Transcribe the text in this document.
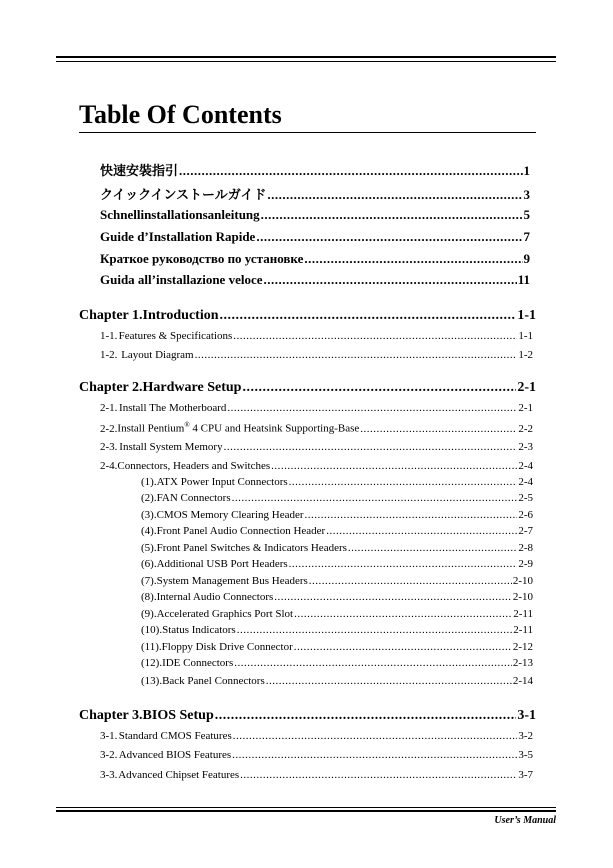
Table Of Contents
快速安裝指引 .....	1
クイックインストールガイド .....	3
Schnellinstallationsanleitung .....	5
Guide d’Installation Rapide .....	7
Краткое руководство по установке .....	9
Guida all’installazione veloce .....	11
Chapter 1. Introduction .....	1-1
1-1. Features & Specifications .....	1-1
1-2. Layout Diagram .....	1-2
Chapter 2. Hardware Setup .....	2-1
2-1. Install The Motherboard .....	2-1
2-2. Install Pentium® 4 CPU and Heatsink Supporting-Base .....	2-2
2-3. Install System Memory .....	2-3
2-4. Connectors, Headers and Switches .....	2-4
(1). ATX Power Input Connectors .....	2-4
(2). FAN Connectors .....	2-5
(3). CMOS Memory Clearing Header .....	2-6
(4). Front Panel Audio Connection Header .....	2-7
(5). Front Panel Switches & Indicators Headers .....	2-8
(6). Additional USB Port Headers .....	2-9
(7). System Management Bus Headers .....	2-10
(8). Internal Audio Connectors .....	2-10
(9). Accelerated Graphics Port Slot .....	2-11
(10). Status Indicators .....	2-11
(11). Floppy Disk Drive Connector .....	2-12
(12). IDE Connectors .....	2-13
(13). Back Panel Connectors .....	2-14
Chapter 3. BIOS Setup .....	3-1
3-1. Standard CMOS Features .....	3-2
3-2. Advanced BIOS Features .....	3-5
3-3. Advanced Chipset Features .....	3-7
User’s Manual
